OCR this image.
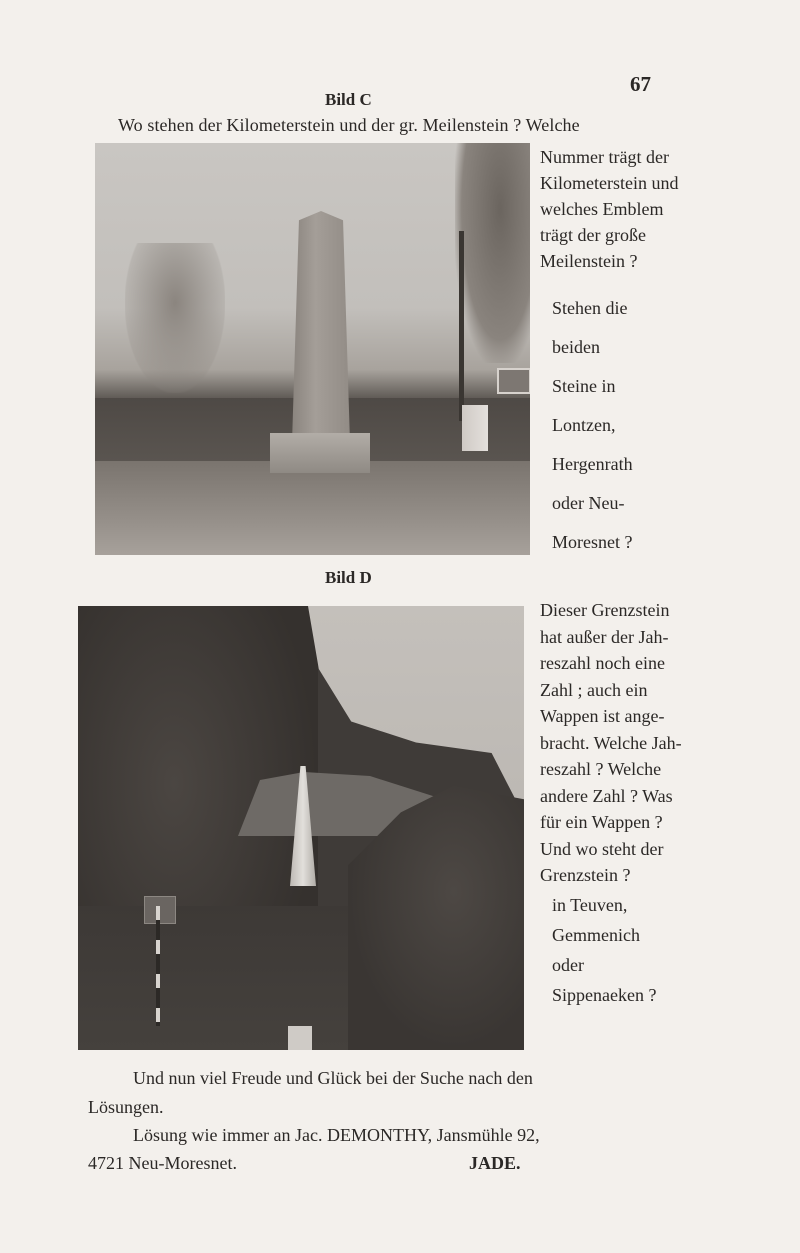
67
Bild C
Wo stehen der Kilometerstein und der gr. Meilenstein ? Welche
Nummer trägt der
Kilometerstein und
welches Emblem
trägt der große
Meilenstein ?
Stehen die
beiden
Steine in
Lontzen,
Hergenrath
oder Neu-
Moresnet ?
Bild D
Dieser Grenzstein
hat außer der Jah-
reszahl noch eine
Zahl ; auch ein
Wappen ist ange-
bracht. Welche Jah-
reszahl ? Welche
andere Zahl ? Was
für ein Wappen ?
Und wo steht der
Grenzstein ?
in Teuven,
Gemmenich
oder
Sippenaeken ?
Und nun viel Freude und Glück bei der Suche nach den
Lösungen.
Lösung wie immer an Jac. DEMONTHY, Jansmühle 92,
4721 Neu-Moresnet.	JADE.
